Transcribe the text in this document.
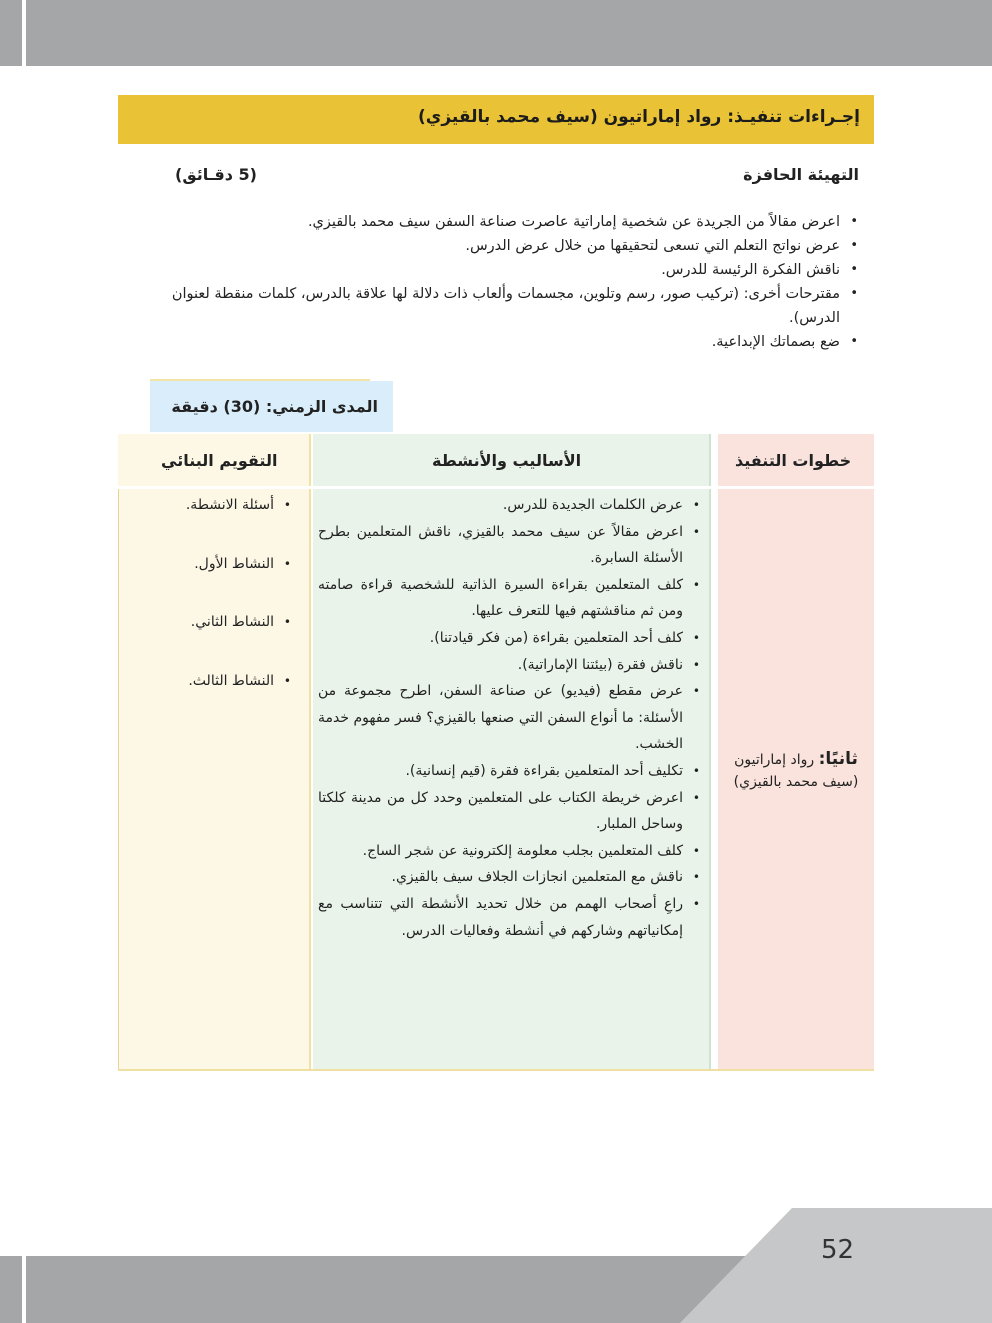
إجـراءات تنفيـذ: رواد إماراتيون (سيف محمد بالقيزي)
التهيئة الحافزة
(5 دقـائق)
• اعرض مقالاً من الجريدة عن شخصية إماراتية عاصرت صناعة السفن سيف محمد بالقيزي.
• عرض نواتج التعلم التي تسعى لتحقيقها من خلال عرض الدرس.
• ناقش الفكرة الرئيسة للدرس.
• مقترحات أخرى: (تركيب صور، رسم وتلوين، مجسمات وألعاب ذات دلالة لها علاقة بالدرس، كلمات منقطة لعنوان الدرس).
• ضع بصماتك الإبداعية.
المدى الزمني: (30) دقيقة
خطوات التنفيذ
الأساليب والأنشطة
التقويم البنائي
• عرض الكلمات الجديدة للدرس.
• اعرض مقالاً عن سيف محمد بالقيزي، ناقش المتعلمين بطرح الأسئلة السابرة.
• كلف المتعلمين بقراءة السيرة الذاتية للشخصية قراءة صامته ومن ثم مناقشتهم فيها للتعرف عليها.
• كلف أحد المتعلمين بقراءة (من فكر قيادتنا).
• ناقش فقرة (بيئتنا الإماراتية).
• عرض مقطع (فيديو) عن صناعة السفن، اطرح مجموعة من الأسئلة: ما أنواع السفن التي صنعها بالقيزي؟ فسر مفهوم خدمة الخشب.
• تكليف أحد المتعلمين بقراءة فقرة (قيم إنسانية).
• اعرض خريطة الكتاب على المتعلمين وحدد كل من مدينة كلكتا وساحل الملبار.
• كلف المتعلمين بجلب معلومة إلكترونية عن شجر الساج.
• ناقش مع المتعلمين انجازات الجلاف سيف بالقيزي.
• راعِ أصحاب الهمم من خلال تحديد الأنشطة التي تتناسب مع إمكانياتهم وشاركهم في أنشطة وفعاليات الدرس.
• أسئلة الانشطة.
• النشاط الأول.
• النشاط الثاني.
• النشاط الثالث.
ثانيًا: رواد إماراتيون (سيف محمد بالقيزي)
52
